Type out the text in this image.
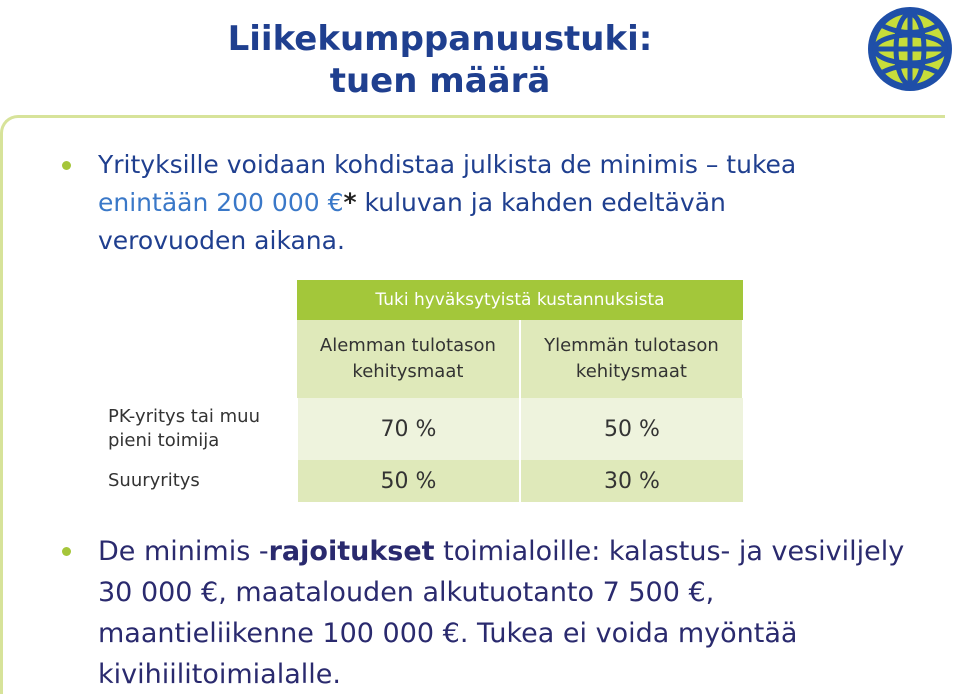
Liikekumppanuustuki:
tuen määrä
Yrityksille voidaan kohdistaa julkista de minimis – tukea enintään 200 000 €* kuluvan ja kahden edeltävän verovuoden aikana.
	Tuki hyväksytyistä kustannuksista	
	Alemman tulotason kehitysmaat	Ylemmän tulotason kehitysmaat
PK-yritys tai muu pieni toimija	70 %	50 %
Suuryritys	50 %	30 %
De minimis -rajoitukset toimialoille: kalastus- ja vesiviljely 30 000 €, maatalouden alkutuotanto 7 500 €, maantieliikenne 100 000 €. Tukea ei voida myöntää kivihiilitoimialalle.
